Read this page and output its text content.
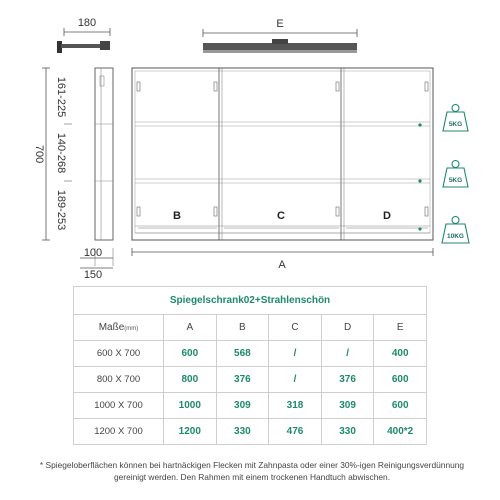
180
700
161-225
140-268
189-253
100
150
E
B	C	D
A
5KG
5KG
10KG
Spiegelschrank02+Strahlenschön					
Maße(mm)	A	B	C	D	E
600 X 700	600	568	/	/	400
800 X 700	800	376	/	376	600
1000 X 700	1000	309	318	309	600
1200 X 700	1200	330	476	330	400*2
* Spiegeloberflächen können bei hartnäckigen Flecken mit Zahnpasta oder einer 30%-igen Reinigungsverdünnung gereinigt werden. Den Rahmen mit einem trockenen Handtuch abwischen.
